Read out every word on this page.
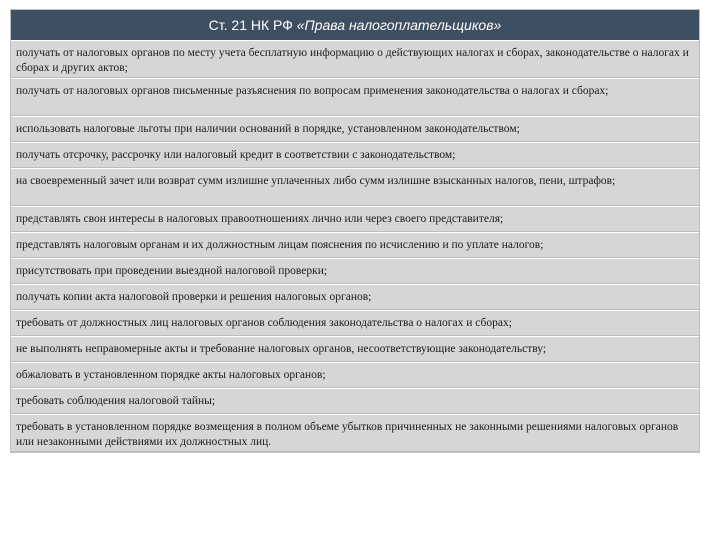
Ст. 21 НК РФ «Права налогоплательщиков»
получать от налоговых органов по месту учета бесплатную информацию о действующих налогах и сборах, законодательстве о налогах и сборах и других актов;
получать от налоговых органов письменные разъяснения по вопросам применения законодательства о налогах и сборах;
использовать налоговые льготы при наличии оснований в порядке, установленном законодательством;
получать отсрочку, рассрочку или налоговый кредит в соответствии с законодательством;
на своевременный зачет или возврат сумм излишне уплаченных либо сумм излишне взысканных налогов, пени, штрафов;
представлять свои интересы в налоговых правоотношениях лично или через своего представителя;
представлять налоговым органам и их должностным лицам пояснения по исчислению и по уплате налогов;
присутствовать при проведении выездной налоговой проверки;
получать копии акта налоговой проверки и решения налоговых органов;
требовать от должностных лиц налоговых органов соблюдения законодательства о налогах и сборах;
не выполнять неправомерные акты и требование налоговых органов, несоответствующие законодательству;
обжаловать в установленном порядке акты налоговых органов;
требовать соблюдения налоговой тайны;
требовать в установленном порядке возмещения в полном объеме убытков причиненных не законными решениями налоговых органов или незаконными действиями их должностных лиц.
